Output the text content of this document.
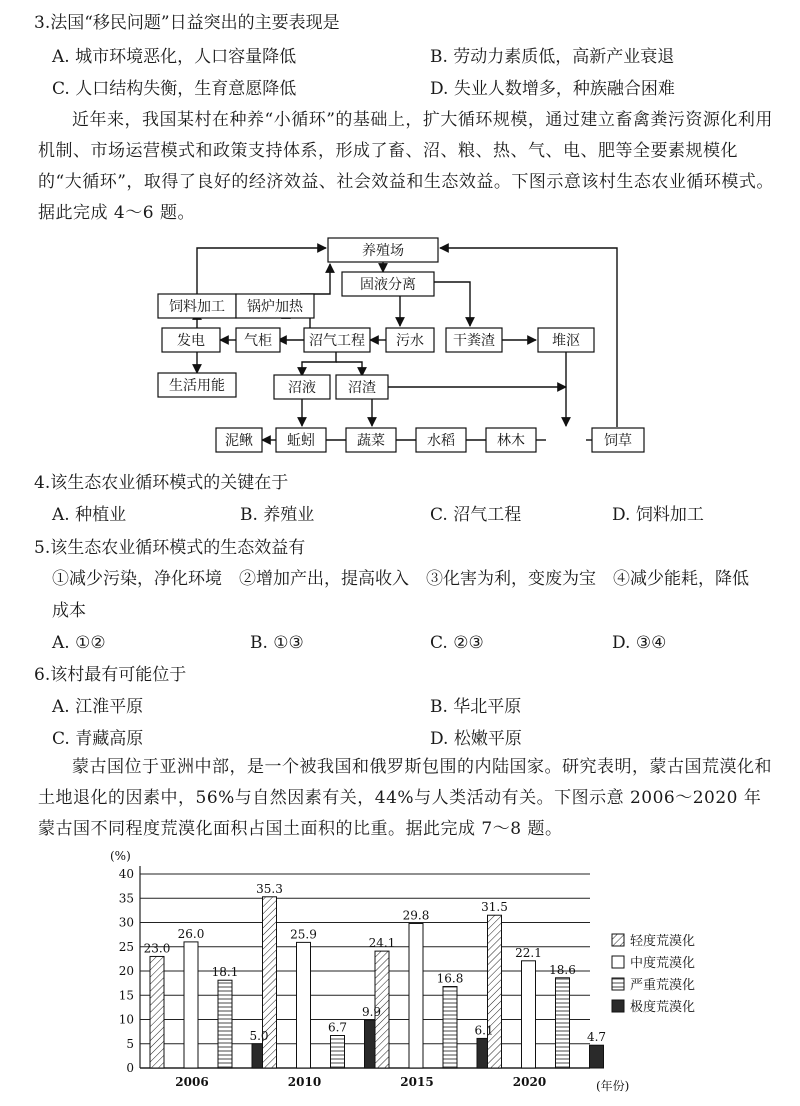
3.法国“移民问题”日益突出的主要表现是
A. 城市环境恶化，人口容量降低	B. 劳动力素质低，高新产业衰退
C. 人口结构失衡，生育意愿降低	D. 失业人数增多，种族融合困难
近年来，我国某村在种养“小循环”的基础上，扩大循环规模，通过建立畜禽粪污资源化利用机制、市场运营模式和政策支持体系，形成了畜、沼、粮、热、气、电、肥等全要素规模化的“大循环”，取得了良好的经济效益、社会效益和生态效益。下图示意该村生态农业循环模式。据此完成 4～6 题。
养殖场
固液分离
饲料加工 锅炉加热
发电	气柜	沼气工程 污水 干粪渣	堆沤
生活用能	沼液 沼渣
泥鳅 蚯蚓	蔬菜	水稻	林木	饲草
4.该生态农业循环模式的关键在于
A. 种植业	B. 养殖业	C. 沼气工程	D. 饲料加工
5.该生态农业循环模式的生态效益有
①减少污染，净化环境　②增加产出，提高收入　③化害为利，变废为宝　④减少能耗，降低
成本
A. ①②	B. ①③	C. ②③	D. ③④
6.该村最有可能位于
A. 江淮平原	B. 华北平原
C. 青藏高原	D. 松嫩平原
蒙古国位于亚洲中部，是一个被我国和俄罗斯包围的内陆国家。研究表明，蒙古国荒漠化和土地退化的因素中，56%与自然因素有关，44%与人类活动有关。下图示意 2006～2020 年蒙古国不同程度荒漠化面积占国土面积的比重。据此完成 7～8 题。
23.0
26.0
18.1
5.0
35.3
25.9
6.7
9.9
24.1
29.8
16.8
6.1
31.5
22.1
18.6
4.7
0
5
10
15
20
25
30
35
40
(%)
(年份)
2006	2010	2015	2020
轻度荒漠化
中度荒漠化
严重荒漠化
极度荒漠化
